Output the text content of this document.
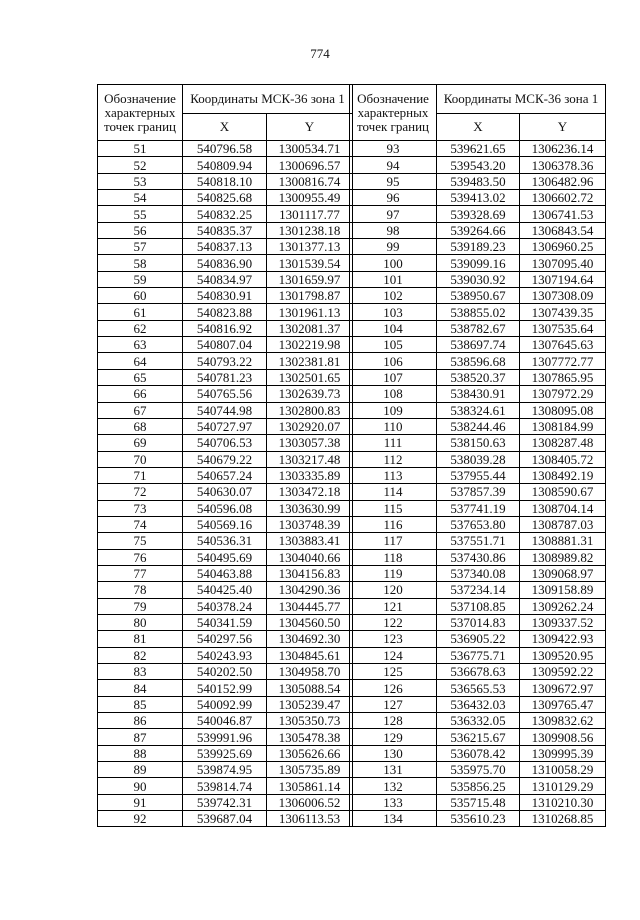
774
Обозначение характерных точек границ	Координаты МСК-36 зона 1	
	X	Y
51	540796.58	1300534.71
52	540809.94	1300696.57
53	540818.10	1300816.74
54	540825.68	1300955.49
55	540832.25	1301117.77
56	540835.37	1301238.18
57	540837.13	1301377.13
58	540836.90	1301539.54
59	540834.97	1301659.97
60	540830.91	1301798.87
61	540823.88	1301961.13
62	540816.92	1302081.37
63	540807.04	1302219.98
64	540793.22	1302381.81
65	540781.23	1302501.65
66	540765.56	1302639.73
67	540744.98	1302800.83
68	540727.97	1302920.07
69	540706.53	1303057.38
70	540679.22	1303217.48
71	540657.24	1303335.89
72	540630.07	1303472.18
73	540596.08	1303630.99
74	540569.16	1303748.39
75	540536.31	1303883.41
76	540495.69	1304040.66
77	540463.88	1304156.83
78	540425.40	1304290.36
79	540378.24	1304445.77
80	540341.59	1304560.50
81	540297.56	1304692.30
82	540243.93	1304845.61
83	540202.50	1304958.70
84	540152.99	1305088.54
85	540092.99	1305239.47
86	540046.87	1305350.73
87	539991.96	1305478.38
88	539925.69	1305626.66
89	539874.95	1305735.89
90	539814.74	1305861.14
91	539742.31	1306006.52
92	539687.04	1306113.53
Обозначение характерных точек границ	Координаты МСК-36 зона 1	
	X	Y
93	539621.65	1306236.14
94	539543.20	1306378.36
95	539483.50	1306482.96
96	539413.02	1306602.72
97	539328.69	1306741.53
98	539264.66	1306843.54
99	539189.23	1306960.25
100	539099.16	1307095.40
101	539030.92	1307194.64
102	538950.67	1307308.09
103	538855.02	1307439.35
104	538782.67	1307535.64
105	538697.74	1307645.63
106	538596.68	1307772.77
107	538520.37	1307865.95
108	538430.91	1307972.29
109	538324.61	1308095.08
110	538244.46	1308184.99
111	538150.63	1308287.48
112	538039.28	1308405.72
113	537955.44	1308492.19
114	537857.39	1308590.67
115	537741.19	1308704.14
116	537653.80	1308787.03
117	537551.71	1308881.31
118	537430.86	1308989.82
119	537340.08	1309068.97
120	537234.14	1309158.89
121	537108.85	1309262.24
122	537014.83	1309337.52
123	536905.22	1309422.93
124	536775.71	1309520.95
125	536678.63	1309592.22
126	536565.53	1309672.97
127	536432.03	1309765.47
128	536332.05	1309832.62
129	536215.67	1309908.56
130	536078.42	1309995.39
131	535975.70	1310058.29
132	535856.25	1310129.29
133	535715.48	1310210.30
134	535610.23	1310268.85
